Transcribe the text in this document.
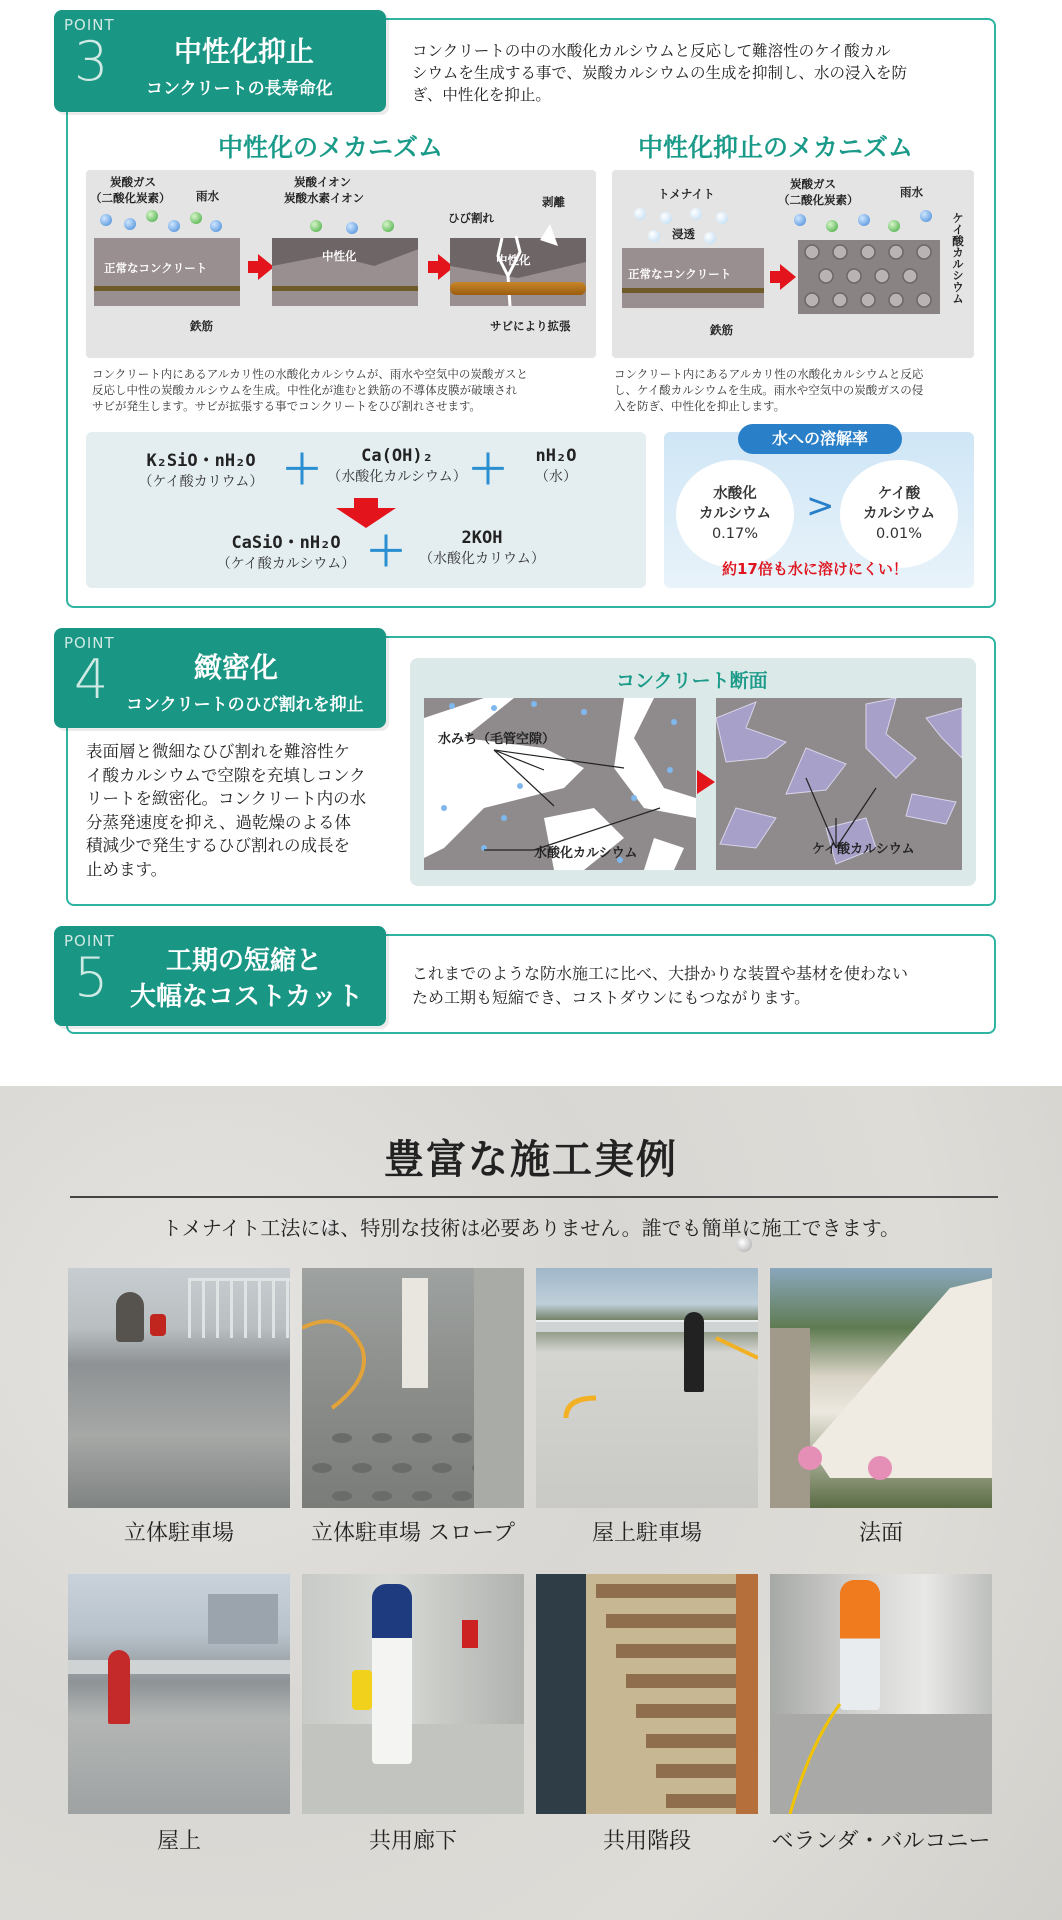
POINT
3 中性化抑止
コンクリートの長寿命化
コンクリートの中の水酸化カルシウムと反応して難溶性のケイ酸カル
シウムを生成する事で、炭酸カルシウムの生成を抑制し、水の浸入を防
ぎ、中性化を抑止。
中性化のメカニズム	中性化抑止のメカニズム
炭酸ガス
（二酸化炭素） 雨水
正常なコンクリート
鉄筋
炭酸イオン
炭酸水素イオン
中性化
ひび割れ
剥離
中性化
サビにより拡張
トメナイト
浸透
正常なコンクリート
鉄筋
炭酸ガス
（二酸化炭素）
雨水
ケイ酸カルシウム
コンクリート内にあるアルカリ性の水酸化カルシウムが、雨水や空気中の炭酸ガスと
反応し中性の炭酸カルシウムを生成。中性化が進むと鉄筋の不導体皮膜が破壊され
サビが発生します。サビが拡張する事でコンクリートをひび割れさせます。
コンクリート内にあるアルカリ性の水酸化カルシウムと反応
し、ケイ酸カルシウムを生成。雨水や空気中の炭酸ガスの侵
入を防ぎ、中性化を抑止します。
K₂SiO・nH₂O
（ケイ酸カリウム） ＋	Ca(OH)₂
（水酸化カルシウム） ＋	nH₂O
（水）
CaSiO・nH₂O
（ケイ酸カルシウム） ＋	2KOH
（水酸化カリウム）
水への溶解率
水酸化
カルシウム
0.17%
>	ケイ酸
カルシウム
0.01%
約17倍も水に溶けにくい！
POINT
4	緻密化
コンクリートのひび割れを抑止
表面層と微細なひび割れを難溶性ケ
イ酸カルシウムで空隙を充填しコンク
リートを緻密化。コンクリート内の水
分蒸発速度を抑え、過乾燥のよる体
積減少で発生するひび割れの成長を
止めます。
コンクリート断面
水みち（毛管空隙）
水酸化カルシウム	ケイ酸カルシウム
POINT
5 工期の短縮と
大幅なコストカット
これまでのような防水施工に比べ、大掛かりな装置や基材を使わない
ため工期も短縮でき、コストダウンにもつながります。
豊富な施工実例
トメナイト工法には、特別な技術は必要ありません。誰でも簡単に施工できます。
立体駐車場	立体駐車場 スロープ	屋上駐車場	法面
屋上	共用廊下	共用階段	ベランダ・バルコニー
